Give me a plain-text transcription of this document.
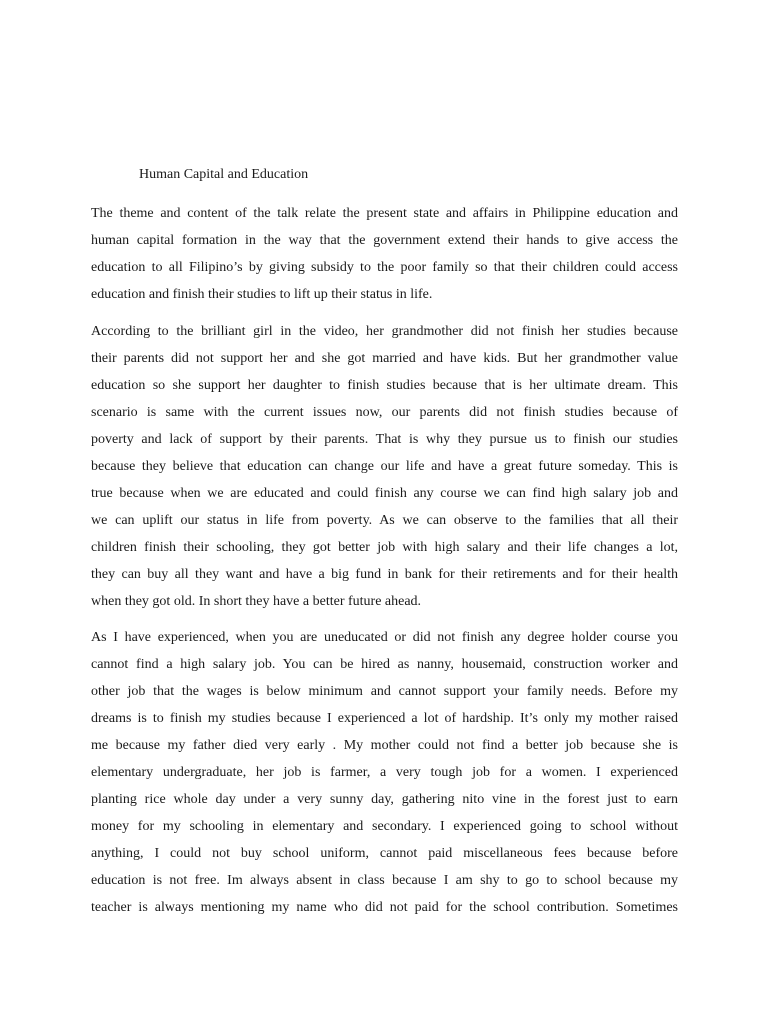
Human Capital and Education
The theme and content of the talk relate the present state and affairs in Philippine education and
human capital formation in the way that the government extend their hands to give access the
education to all Filipino’s by giving subsidy to the poor family so that their children could access
education and finish their studies to lift up their status in life.
According to the brilliant girl in the video, her grandmother did not finish her studies because
their parents did not support her and she got married and have kids. But her grandmother value
education so she support her daughter to finish studies because that is her ultimate dream. This
scenario is same with the current issues now, our parents did not finish studies because of
poverty and lack of support by their parents. That is why they pursue us to finish our studies
because they believe that education can change our life and have a great future someday. This is
true because when we are educated and could finish any course we can find high salary job and
we can uplift our status in life from poverty. As we can observe to the families that all their
children finish their schooling, they got better job with high salary and their life changes a lot,
they can buy all they want and have a big fund in bank for their retirements and for their health
when they got old. In short they have a better future ahead.
As I have experienced, when you are uneducated or did not finish any degree holder course you
cannot find a high salary job. You can be hired as nanny, housemaid, construction worker and
other job that the wages is below minimum and cannot support your family needs. Before my
dreams is to finish my studies because I experienced a lot of hardship. It’s only my mother raised
me because my father died very early . My mother could not find a better job because she is
elementary undergraduate, her job is farmer, a very tough job for a women. I experienced
planting rice whole day under a very sunny day, gathering nito vine in the forest just to earn
money for my schooling in elementary and secondary. I experienced going to school without
anything, I could not buy school uniform, cannot paid miscellaneous fees because before
education is not free. Im always absent in class because I am shy to go to school because my
teacher is always mentioning my name who did not paid for the school contribution. Sometimes
